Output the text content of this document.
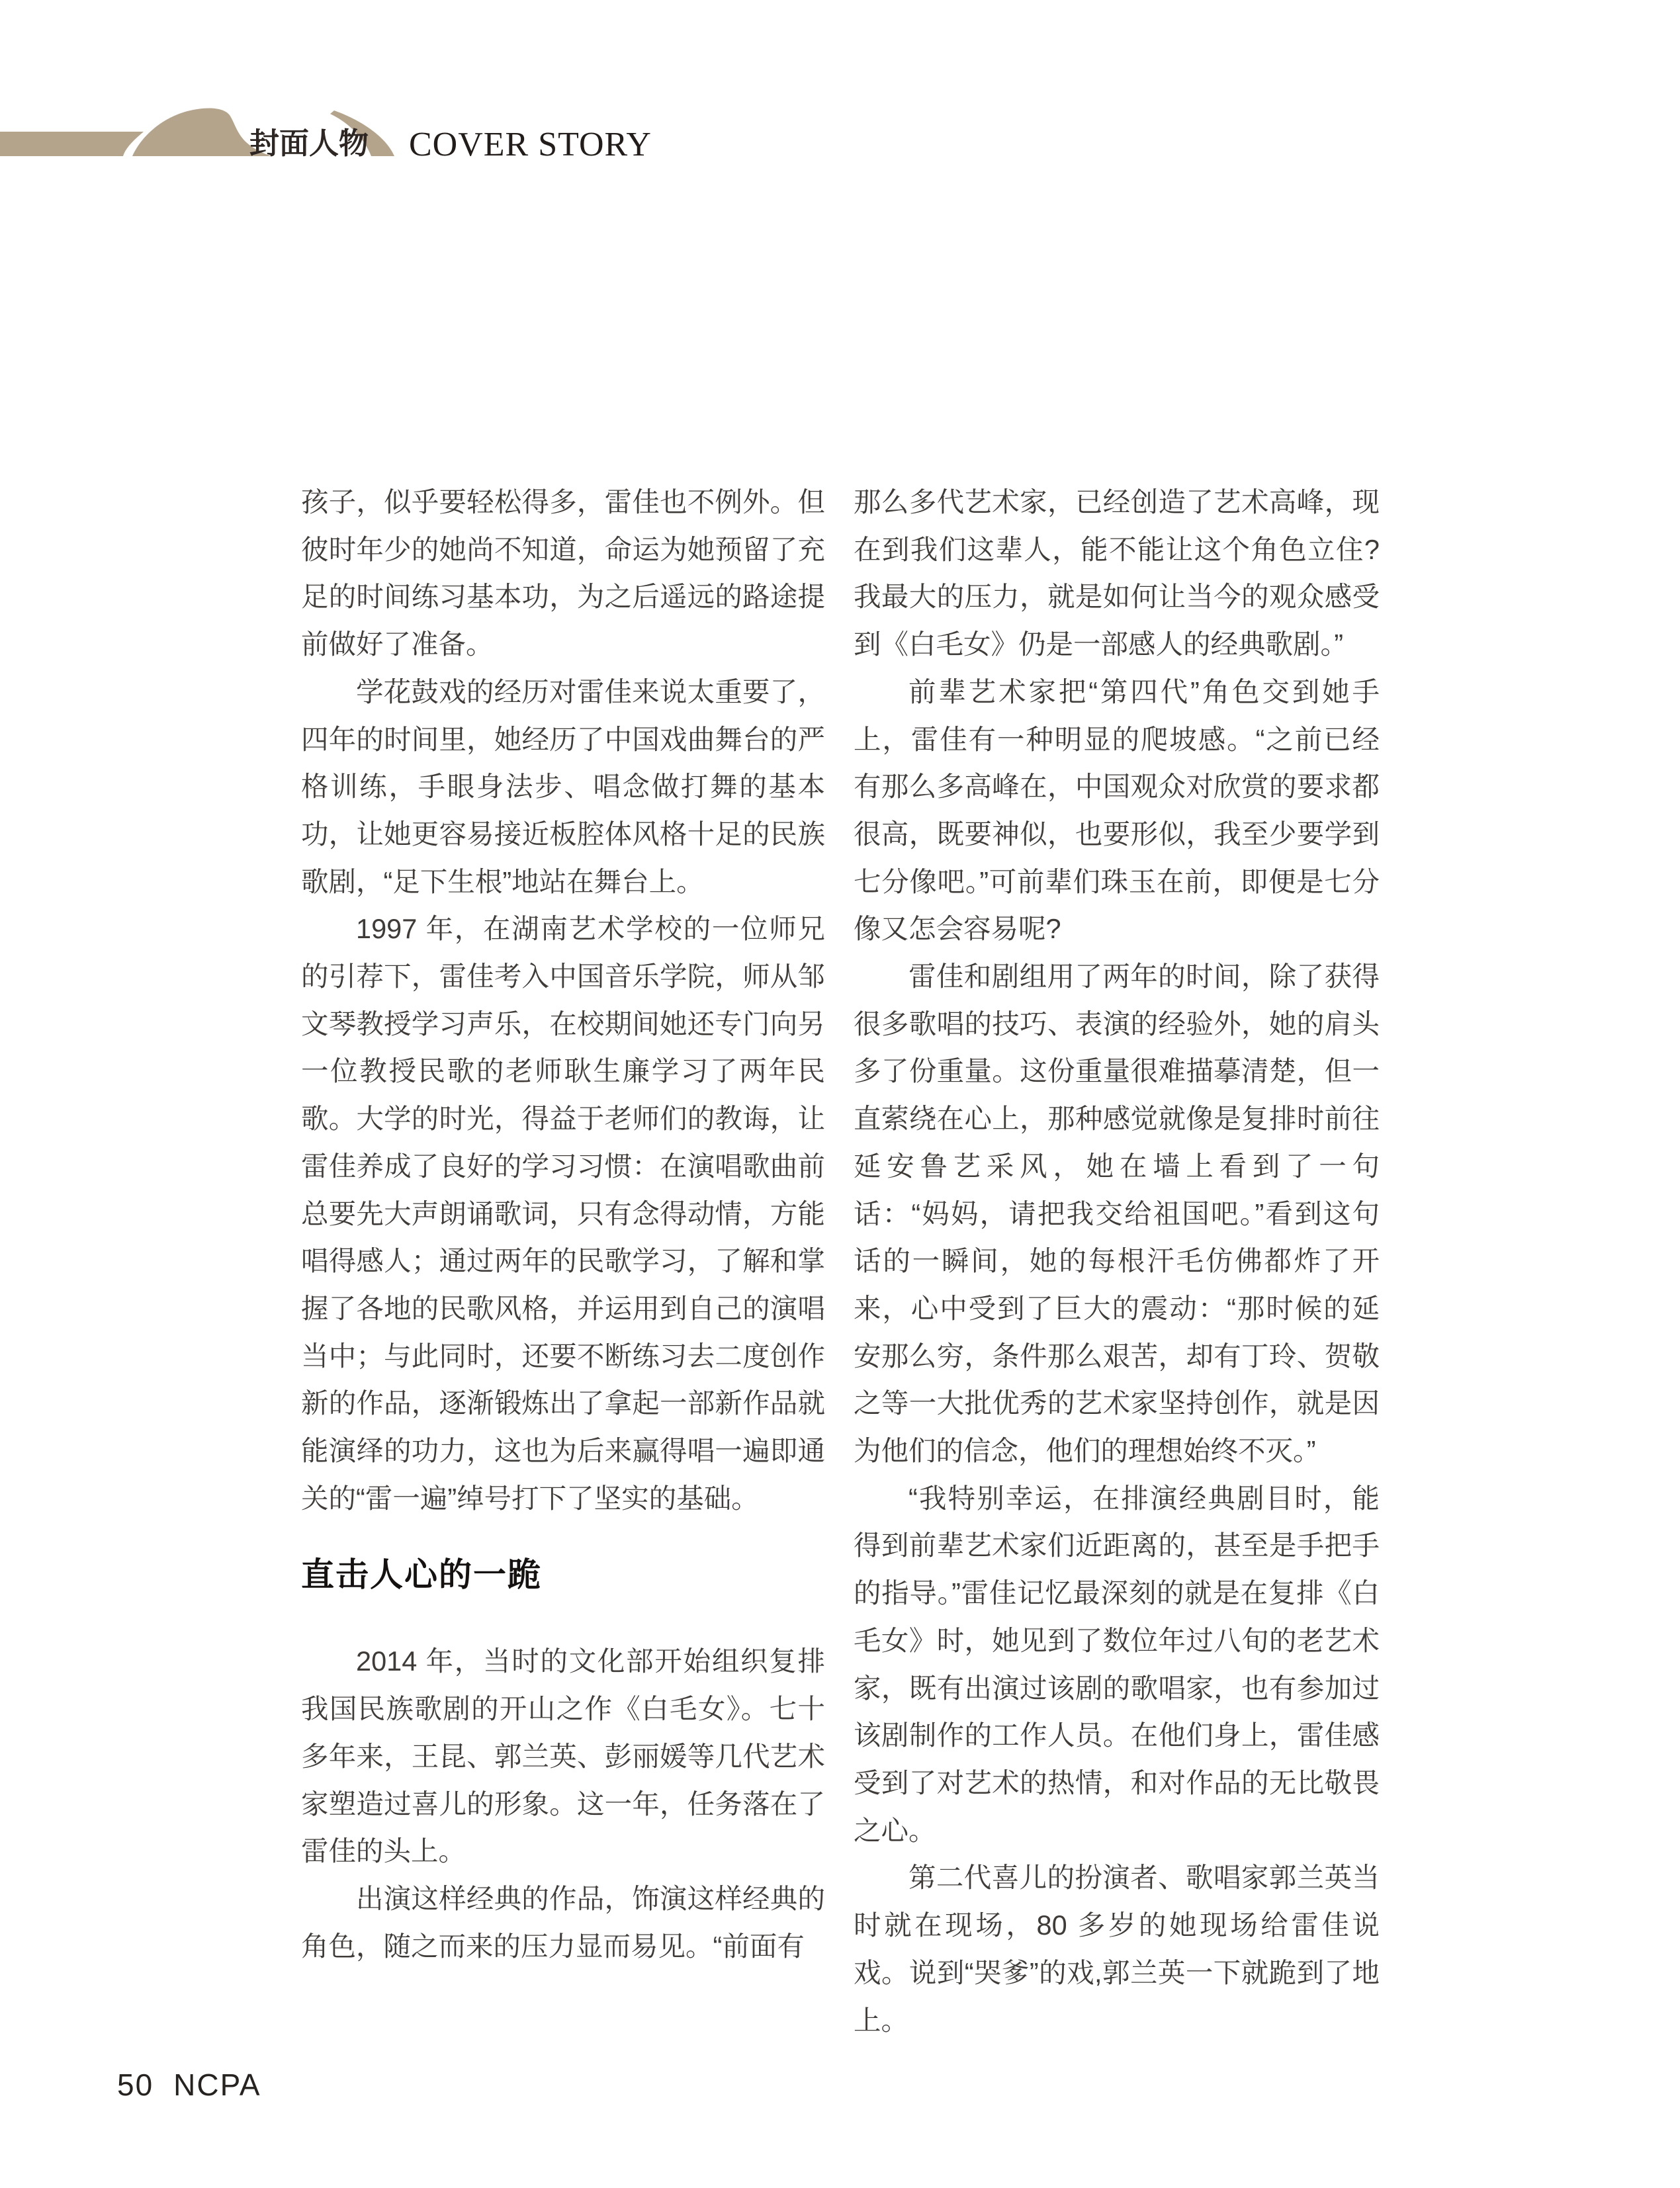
封面人物 COVER STORY

孩子，似乎要轻松得多，雷佳也不例外。但彼时年少的她尚不知道，命运为她预留了充足的时间练习基本功，为之后遥远的路途提前做好了准备。

学花鼓戏的经历对雷佳来说太重要了，四年的时间里，她经历了中国戏曲舞台的严格训练，手眼身法步、唱念做打舞的基本功，让她更容易接近板腔体风格十足的民族歌剧，“足下生根”地站在舞台上。

1997 年，在湖南艺术学校的一位师兄的引荐下，雷佳考入中国音乐学院，师从邹文琴教授学习声乐，在校期间她还专门向另一位教授民歌的老师耿生廉学习了两年民歌。大学的时光，得益于老师们的教诲，让雷佳养成了良好的学习习惯：在演唱歌曲前总要先大声朗诵歌词，只有念得动情，方能唱得感人；通过两年的民歌学习，了解和掌握了各地的民歌风格，并运用到自己的演唱当中；与此同时，还要不断练习去二度创作新的作品，逐渐锻炼出了拿起一部新作品就能演绎的功力，这也为后来赢得唱一遍即通关的“雷一遍”绰号打下了坚实的基础。

直击人心的一跪

2014 年，当时的文化部开始组织复排我国民族歌剧的开山之作《白毛女》。七十多年来，王昆、郭兰英、彭丽媛等几代艺术家塑造过喜儿的形象。这一年，任务落在了雷佳的头上。

出演这样经典的作品，饰演这样经典的角色，随之而来的压力显而易见。“前面有

那么多代艺术家，已经创造了艺术高峰，现在到我们这辈人，能不能让这个角色立住?我最大的压力，就是如何让当今的观众感受到《白毛女》仍是一部感人的经典歌剧。”

前辈艺术家把“第四代”角色交到她手上，雷佳有一种明显的爬坡感。“之前已经有那么多高峰在，中国观众对欣赏的要求都很高，既要神似，也要形似，我至少要学到七分像吧。”可前辈们珠玉在前，即便是七分像又怎会容易呢?

雷佳和剧组用了两年的时间，除了获得很多歌唱的技巧、表演的经验外，她的肩头多了份重量。这份重量很难描摹清楚，但一直萦绕在心上，那种感觉就像是复排时前往延安鲁艺采风，她在墙上看到了一句话：“妈妈，请把我交给祖国吧。”看到这句话的一瞬间，她的每根汗毛仿佛都炸了开来，心中受到了巨大的震动：“那时候的延安那么穷，条件那么艰苦，却有丁玲、贺敬之等一大批优秀的艺术家坚持创作，就是因为他们的信念，他们的理想始终不灭。”

“我特别幸运，在排演经典剧目时，能得到前辈艺术家们近距离的，甚至是手把手的指导。”雷佳记忆最深刻的就是在复排《白毛女》时，她见到了数位年过八旬的老艺术家，既有出演过该剧的歌唱家，也有参加过该剧制作的工作人员。在他们身上，雷佳感受到了对艺术的热情，和对作品的无比敬畏之心。

第二代喜儿的扮演者、歌唱家郭兰英当时就在现场，80 多岁的她现场给雷佳说戏。说到“哭爹”的戏,郭兰英一下就跪到了地上。

50 NCPA
